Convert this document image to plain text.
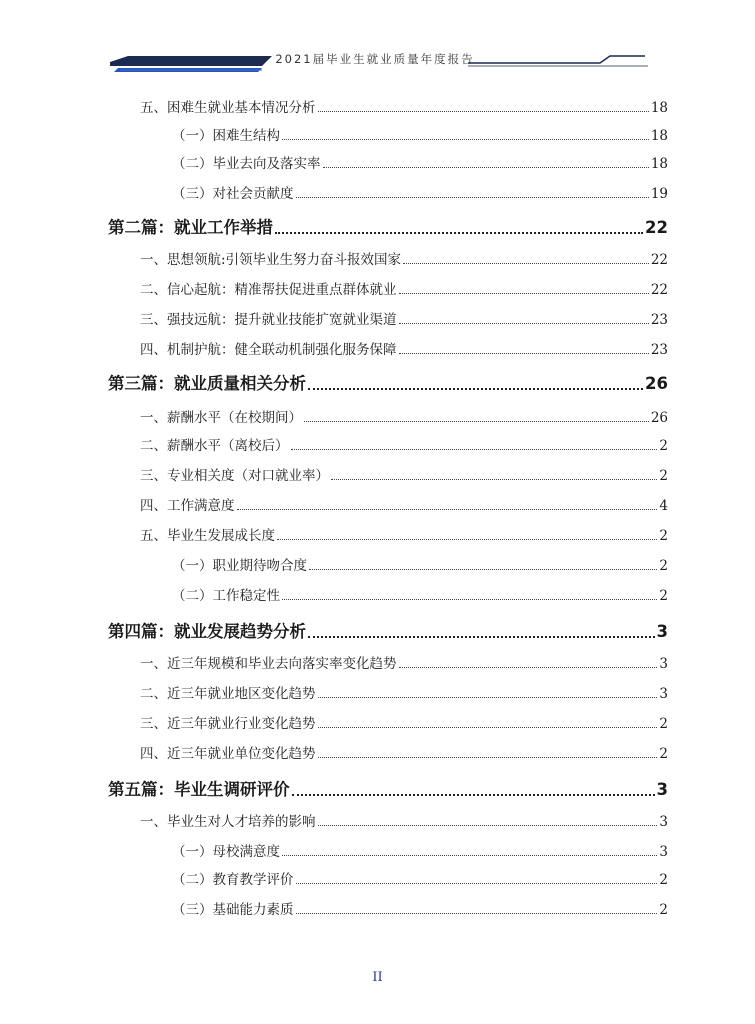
2021届毕业生就业质量年度报告
五、困难生就业基本情况分析	18
（一）困难生结构	18
（二）毕业去向及落实率	18
（三）对社会贡献度	19
第二篇：就业工作举措	22
一、思想领航:引领毕业生努力奋斗报效国家	22
二、信心起航：精准帮扶促进重点群体就业	22
三、强技远航：提升就业技能扩宽就业渠道	23
四、机制护航：健全联动机制强化服务保障	23
第三篇：就业质量相关分析	26
一、薪酬水平（在校期间）	26
二、薪酬水平（离校后）	2
三、专业相关度（对口就业率）	2
四、工作满意度	4
五、毕业生发展成长度	2
（一）职业期待吻合度	2
（二）工作稳定性	2
第四篇：就业发展趋势分析	3
一、近三年规模和毕业去向落实率变化趋势	3
二、近三年就业地区变化趋势	3
三、近三年就业行业变化趋势	2
四、近三年就业单位变化趋势	2
第五篇：毕业生调研评价	3
一、毕业生对人才培养的影响	3
（一）母校满意度	3
（二）教育教学评价	2
（三）基础能力素质	2
II
